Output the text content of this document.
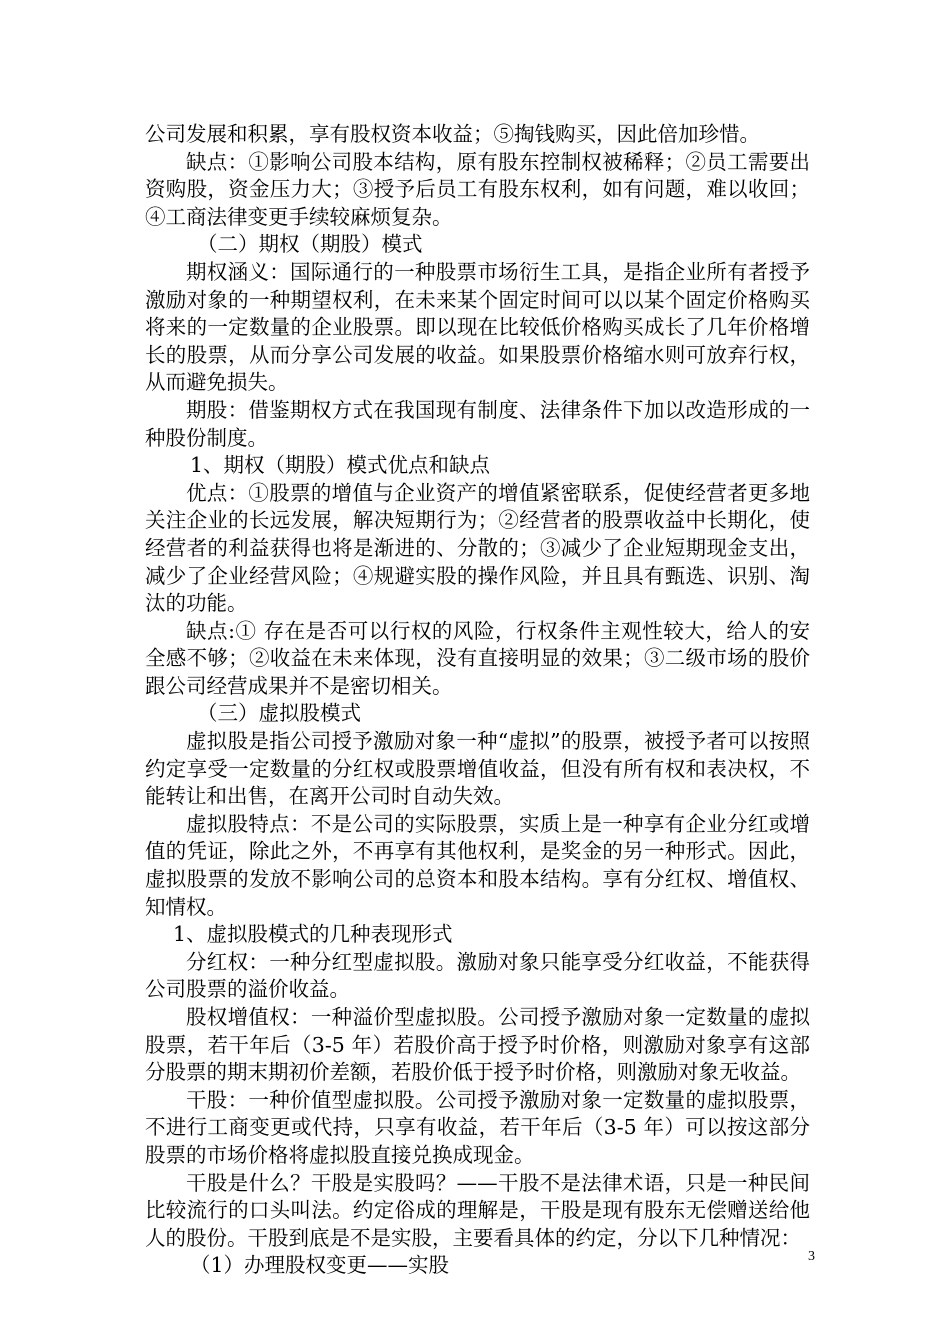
公司发展和积累，享有股权资本收益；⑤掏钱购买，因此倍加珍惜。

缺点：①影响公司股本结构，原有股东控制权被稀释；②员工需要出资购股，资金压力大；③授予后员工有股东权利，如有问题，难以收回；④工商法律变更手续较麻烦复杂。

（二）期权（期股）模式

期权涵义：国际通行的一种股票市场衍生工具，是指企业所有者授予激励对象的一种期望权利，在未来某个固定时间可以以某个固定价格购买将来的一定数量的企业股票。即以现在比较低价格购买成长了几年价格增长的股票，从而分享公司发展的收益。如果股票价格缩水则可放弃行权，从而避免损失。

期股：借鉴期权方式在我国现有制度、法律条件下加以改造形成的一种股份制度。

1、期权（期股）模式优点和缺点

优点：①股票的增值与企业资产的增值紧密联系，促使经营者更多地关注企业的长远发展，解决短期行为；②经营者的股票收益中长期化，使经营者的利益获得也将是渐进的、分散的；③减少了企业短期现金支出，减少了企业经营风险；④规避实股的操作风险，并且具有甄选、识别、淘汰的功能。

缺点:① 存在是否可以行权的风险，行权条件主观性较大，给人的安全感不够；②收益在未来体现，没有直接明显的效果；③二级市场的股价跟公司经营成果并不是密切相关。

（三）虚拟股模式

虚拟股是指公司授予激励对象一种“虚拟”的股票，被授予者可以按照约定享受一定数量的分红权或股票增值收益，但没有所有权和表决权，不能转让和出售，在离开公司时自动失效。

虚拟股特点：不是公司的实际股票，实质上是一种享有企业分红或增值的凭证，除此之外，不再享有其他权利，是奖金的另一种形式。因此，虚拟股票的发放不影响公司的总资本和股本结构。享有分红权、增值权、知情权。

1、虚拟股模式的几种表现形式

分红权：一种分红型虚拟股。激励对象只能享受分红收益，不能获得公司股票的溢价收益。

股权增值权：一种溢价型虚拟股。公司授予激励对象一定数量的虚拟股票，若干年后（3-5 年）若股价高于授予时价格，则激励对象享有这部分股票的期末期初价差额，若股价低于授予时价格，则激励对象无收益。

干股：一种价值型虚拟股。公司授予激励对象一定数量的虚拟股票，不进行工商变更或代持，只享有收益，若干年后（3-5 年）可以按这部分股票的市场价格将虚拟股直接兑换成现金。

干股是什么？干股是实股吗？——干股不是法律术语，只是一种民间比较流行的口头叫法。约定俗成的理解是，干股是现有股东无偿赠送给他人的股份。干股到底是不是实股，主要看具体的约定，分以下几种情况：

（1）办理股权变更——实股	3
